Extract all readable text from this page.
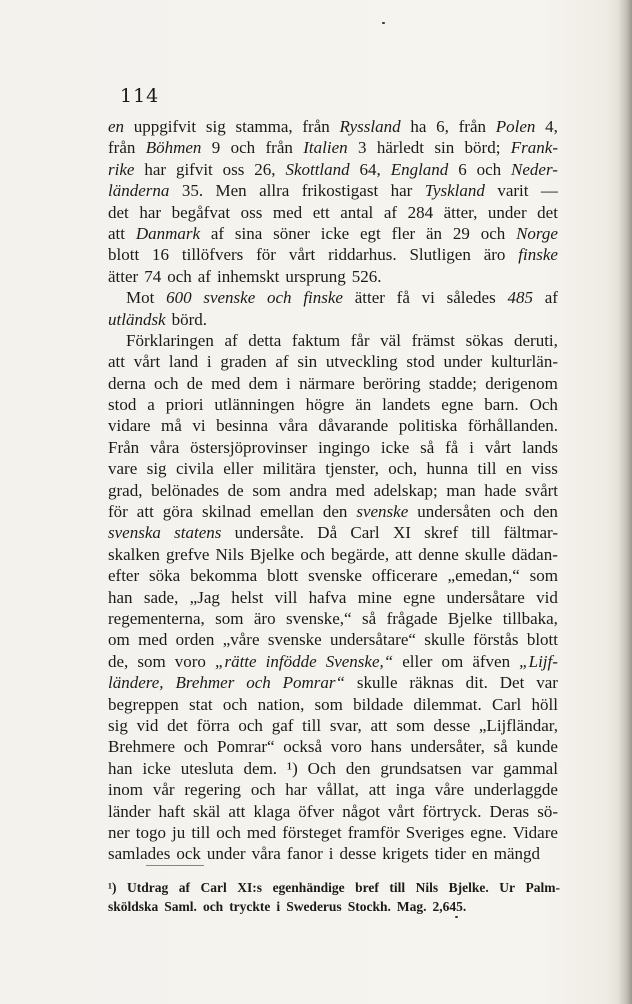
114
en uppgifvit sig stamma, från Ryssland ha 6, från Polen 4,
från Böhmen 9 och från Italien 3 härledt sin börd; Frank-
rike har gifvit oss 26, Skottland 64, England 6 och Neder-
länderna 35. Men allra frikostigast har Tyskland varit —
det har begåfvat oss med ett antal af 284 ätter, under det
att Danmark af sina söner icke egt fler än 29 och Norge
blott 16 tillöfvers för vårt riddarhus. Slutligen äro finske
ätter 74 och af inhemskt ursprung 526.
Mot 600 svenske och finske ätter få vi således 485 af
utländsk börd.
Förklaringen af detta faktum får väl främst sökas deruti,
att vårt land i graden af sin utveckling stod under kulturlän-
derna och de med dem i närmare beröring stadde; derigenom
stod a priori utlänningen högre än landets egne barn. Och
vidare må vi besinna våra dåvarande politiska förhållanden.
Från våra östersjöprovinser ingingo icke så få i vårt lands
vare sig civila eller militära tjenster, och, hunna till en viss
grad, belönades de som andra med adelskap; man hade svårt
för att göra skilnad emellan den svenske undersåten och den
svenska statens undersåte. Då Carl XI skref till fältmar-
skalken grefve Nils Bjelke och begärde, att denne skulle dädan-
efter söka bekomma blott svenske officerare „emedan,“ som
han sade, „Jag helst vill hafva mine egne undersåtare vid
regementerna, som äro svenske,“ så frågade Bjelke tillbaka,
om med orden „våre svenske undersåtare“ skulle förstås blott
de, som voro „rätte infödde Svenske,“ eller om äfven „Lijf-
ländere, Brehmer och Pomrar“ skulle räknas dit. Det var
begreppen stat och nation, som bildade dilemmat. Carl höll
sig vid det förra och gaf till svar, att som desse „Lijfländar,
Brehmere och Pomrar“ också voro hans undersåter, så kunde
han icke utesluta dem. ¹) Och den grundsatsen var gammal
inom vår regering och har vållat, att inga våre underlaggde
länder haft skäl att klaga öfver något vårt förtryck. Deras sö-
ner togo ju till och med försteget framför Sveriges egne. Vidare
samlades ock under våra fanor i desse krigets tider en mängd
¹) Utdrag af Carl XI:s egenhändige bref till Nils Bjelke. Ur Palm-
sköldska Saml. och tryckte i Swederus Stockh. Mag. 2,645.
